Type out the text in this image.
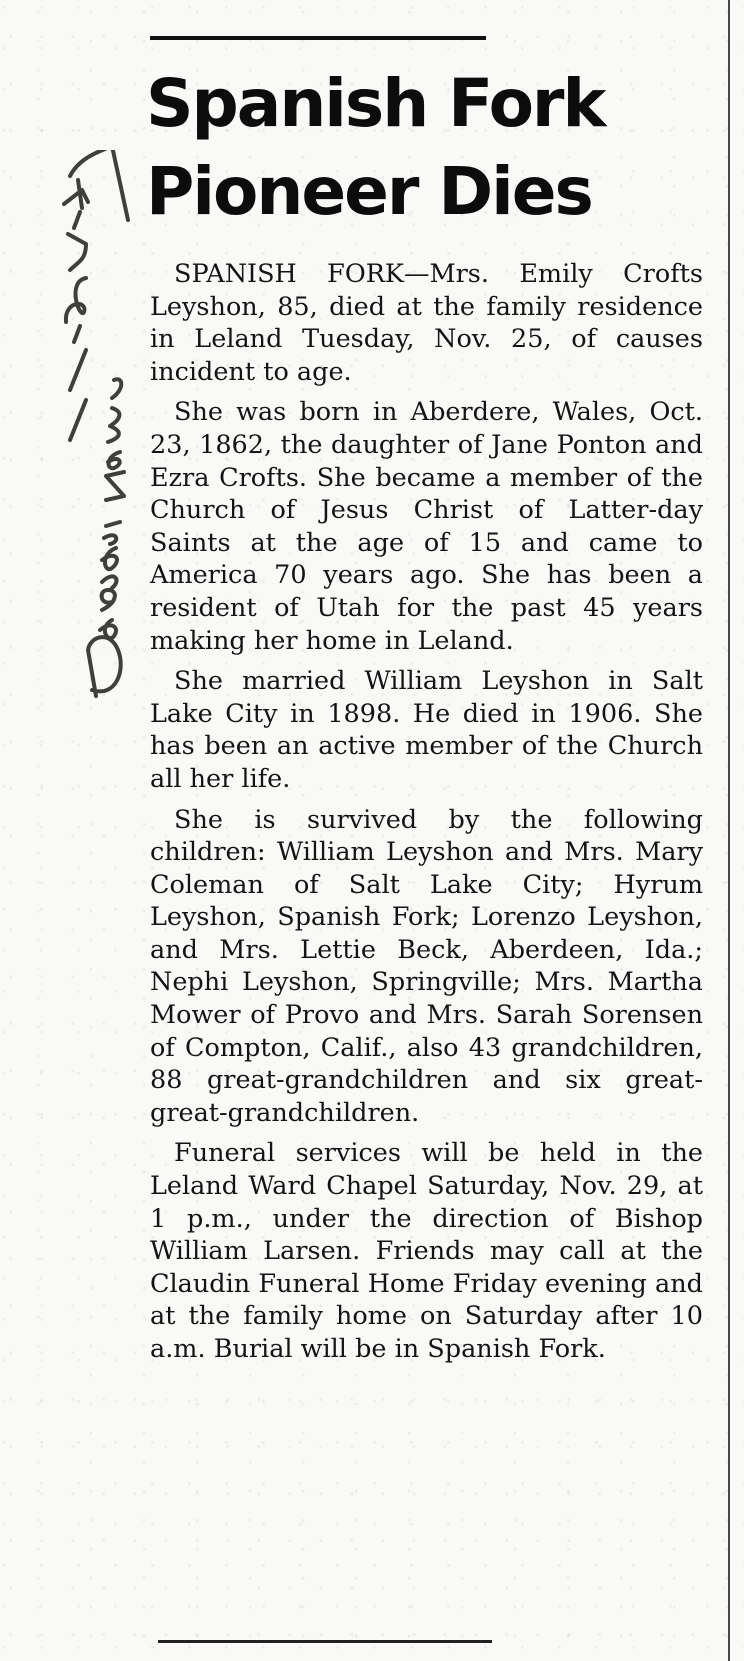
Spanish Fork
Pioneer Dies

SPANISH FORK—Mrs. Emily Crofts Leyshon, 85, died at the family residence in Leland Tuesday, Nov. 25, of causes incident to age.

She was born in Aberdere, Wales, Oct. 23, 1862, the daughter of Jane Ponton and Ezra Crofts. She became a member of the Church of Jesus Christ of Latter-day Saints at the age of 15 and came to America 70 years ago. She has been a resident of Utah for the past 45 years making her home in Leland.

She married William Leyshon in Salt Lake City in 1898. He died in 1906. She has been an active member of the Church all her life.

She is survived by the following children: William Leyshon and Mrs. Mary Coleman of Salt Lake City; Hyrum Leyshon, Spanish Fork; Lorenzo Leyshon, and Mrs. Lettie Beck, Aberdeen, Ida.; Nephi Leyshon, Springville; Mrs. Martha Mower of Provo and Mrs. Sarah Sorensen of Compton, Calif., also 43 grandchildren, 88 great-grandchildren and six great-great-grandchildren.

Funeral services will be held in the Leland Ward Chapel Saturday, Nov. 29, at 1 p.m., under the direction of Bishop William Larsen. Friends may call at the Claudin Funeral Home Friday evening and at the family home on Saturday after 10 a.m. Burial will be in Spanish Fork.
